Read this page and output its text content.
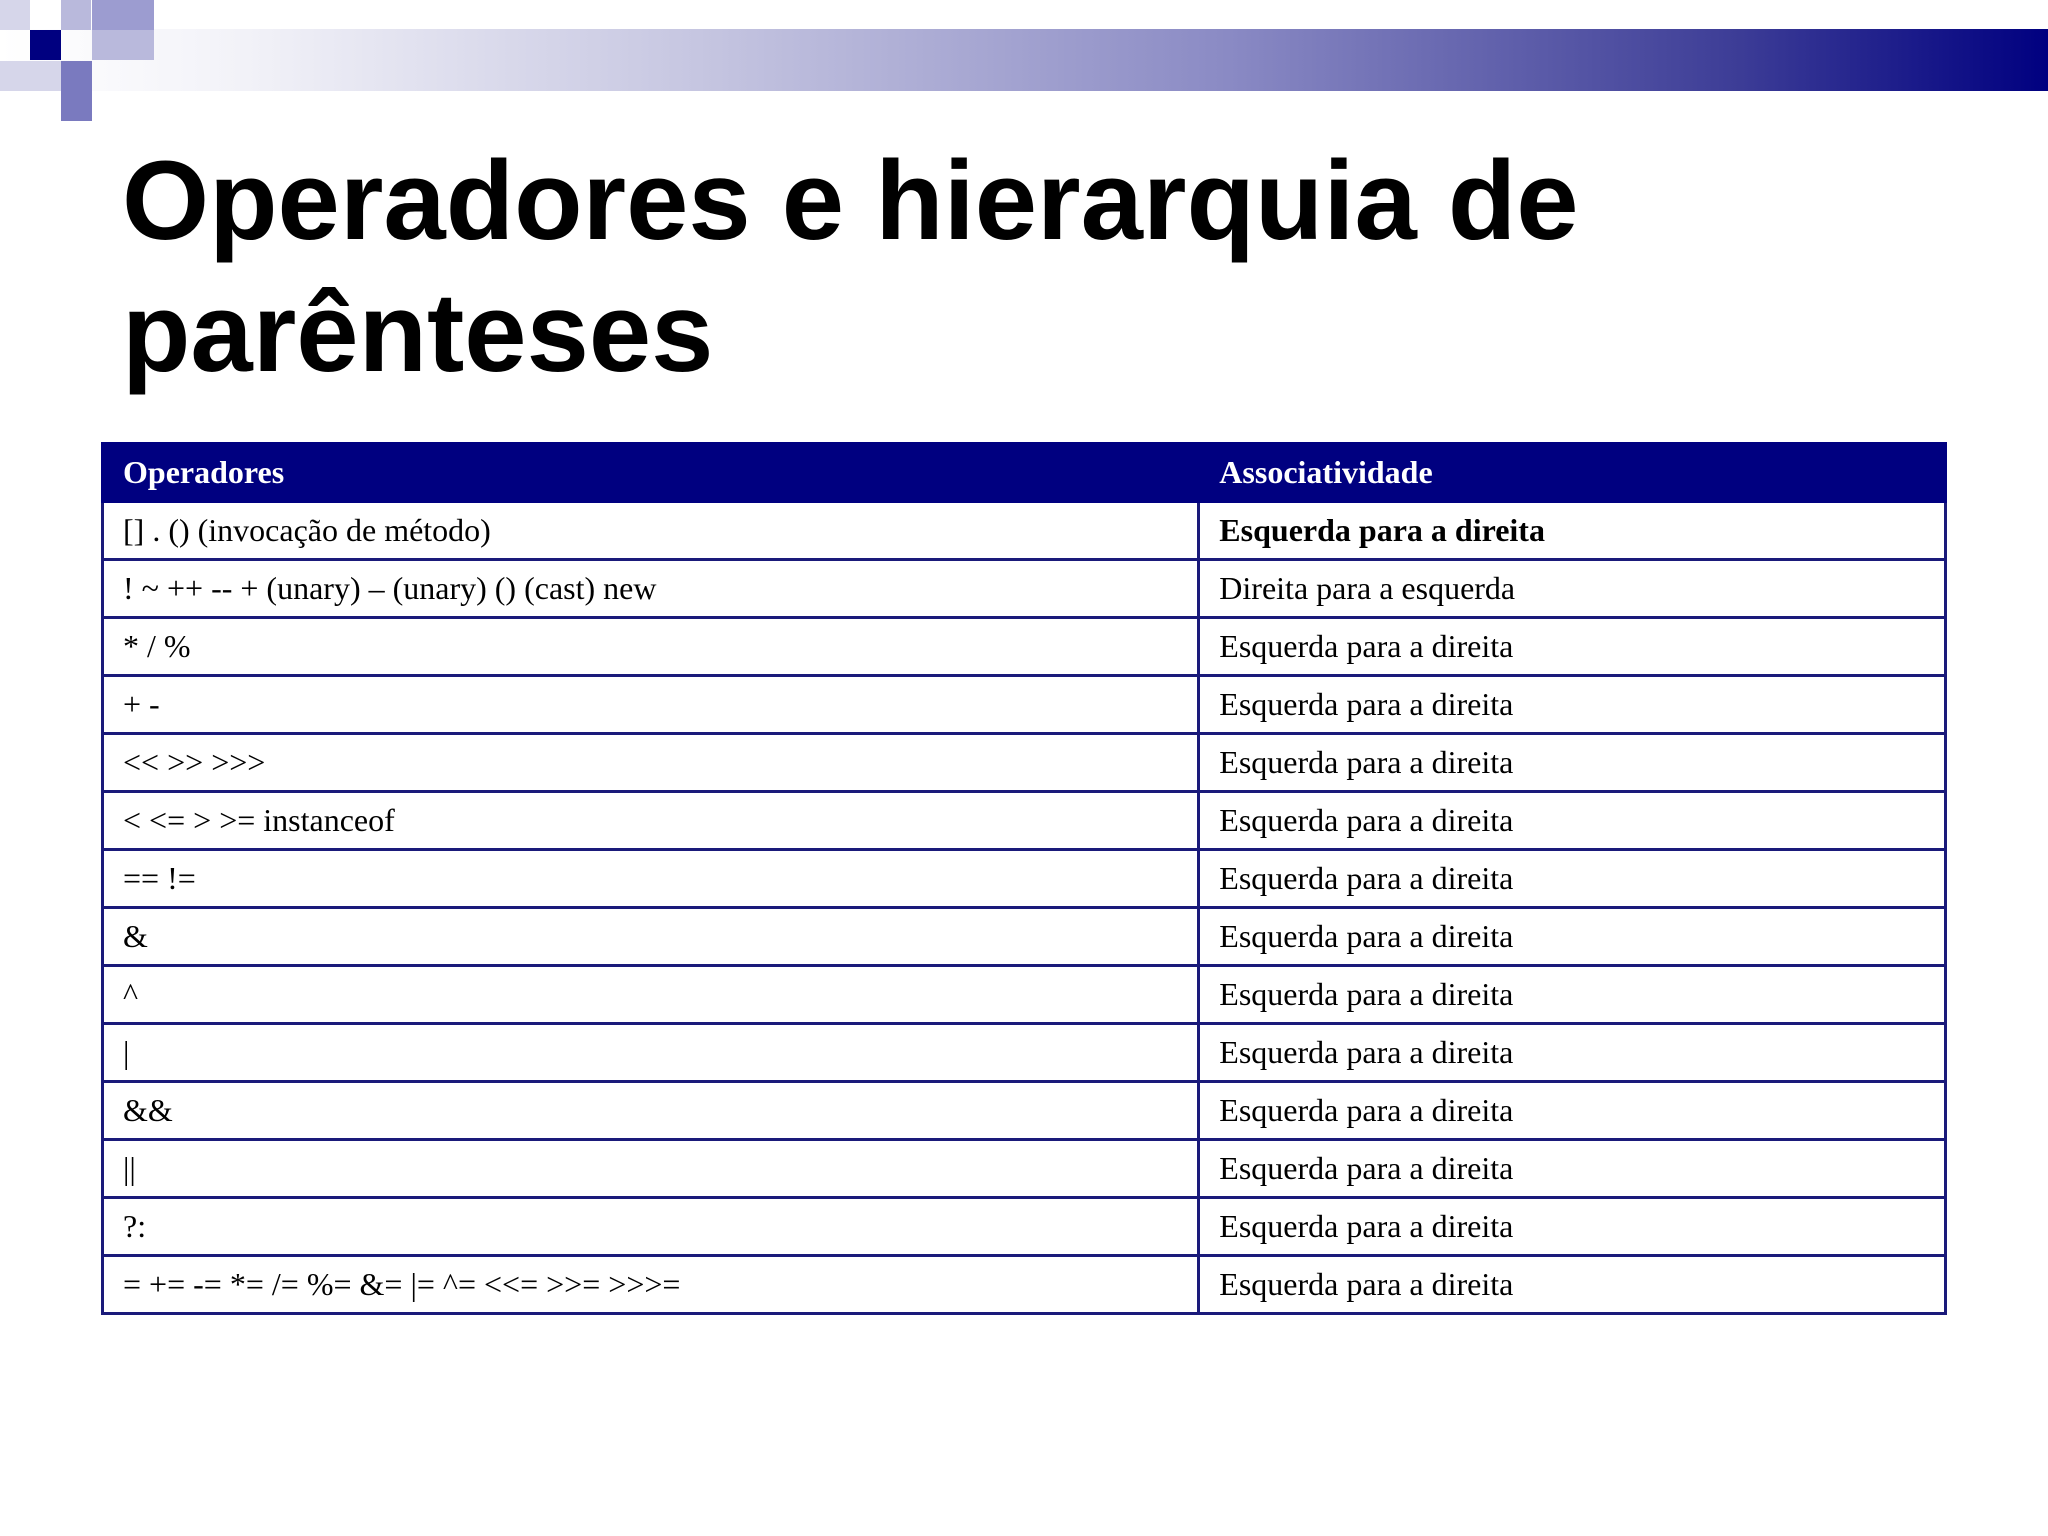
Operadores e hierarquia de parênteses
Operadores	Associatividade
[] . () (invocação de método)	Esquerda para a direita
! ~ ++ -- + (unary) – (unary) () (cast) new	Direita para a esquerda
* / %	Esquerda para a direita
+ -	Esquerda para a direita
<< >> >>>	Esquerda para a direita
< <= > >= instanceof	Esquerda para a direita
== !=	Esquerda para a direita
&	Esquerda para a direita
^	Esquerda para a direita
|	Esquerda para a direita
&&	Esquerda para a direita
||	Esquerda para a direita
?:	Esquerda para a direita
= += -= *= /= %= &= |= ^= <<= >>= >>>=	Esquerda para a direita
